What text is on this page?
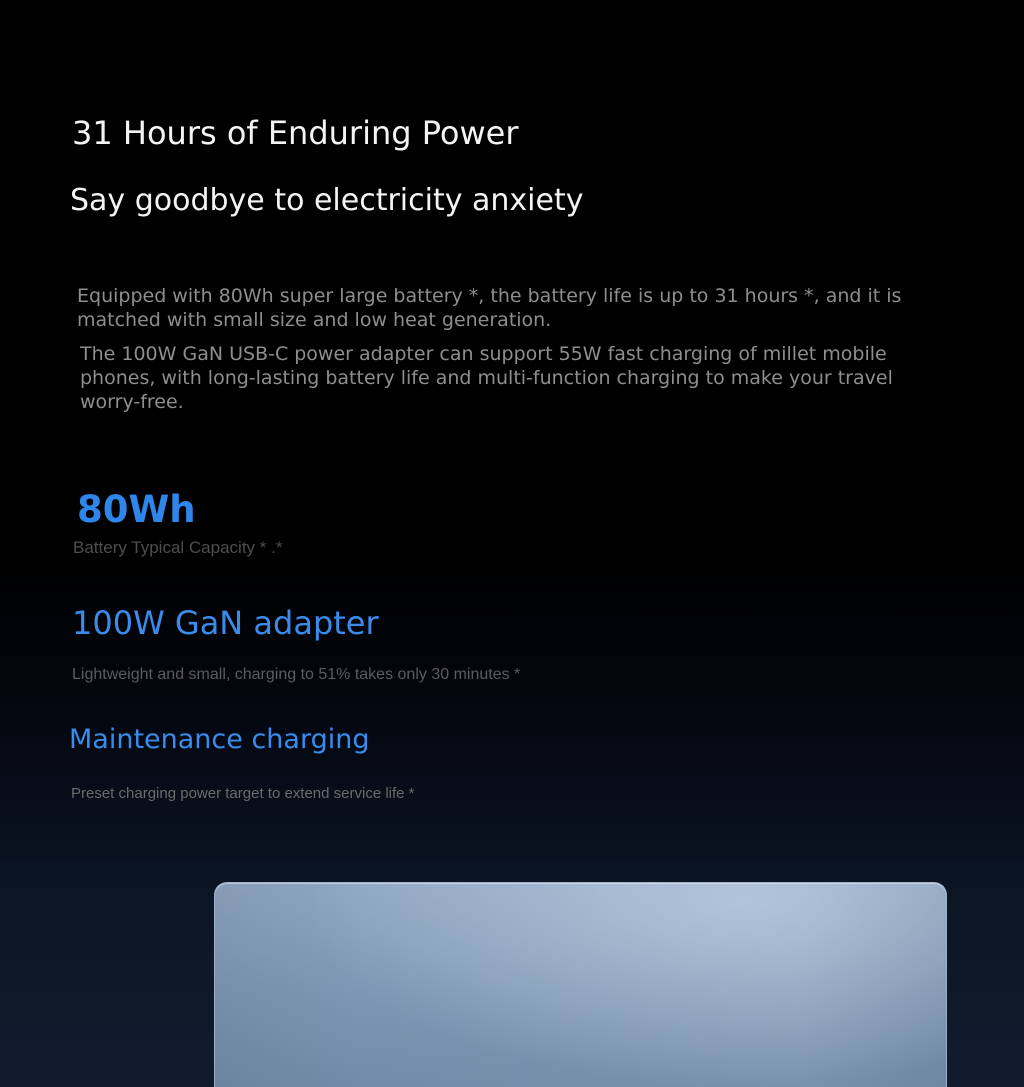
31 Hours of Enduring Power
Say goodbye to electricity anxiety

Equipped with 80Wh super large battery *, the battery life is up to 31 hours *, and it is matched with small size and low heat generation.

The 100W GaN USB-C power adapter can support 55W fast charging of millet mobile phones, with long-lasting battery life and multi-function charging to make your travel worry-free.

80Wh
Battery Typical Capacity * .*
100W GaN adapter

Lightweight and small, charging to 51% takes only 30 minutes *

Maintenance charging

Preset charging power target to extend service life *
